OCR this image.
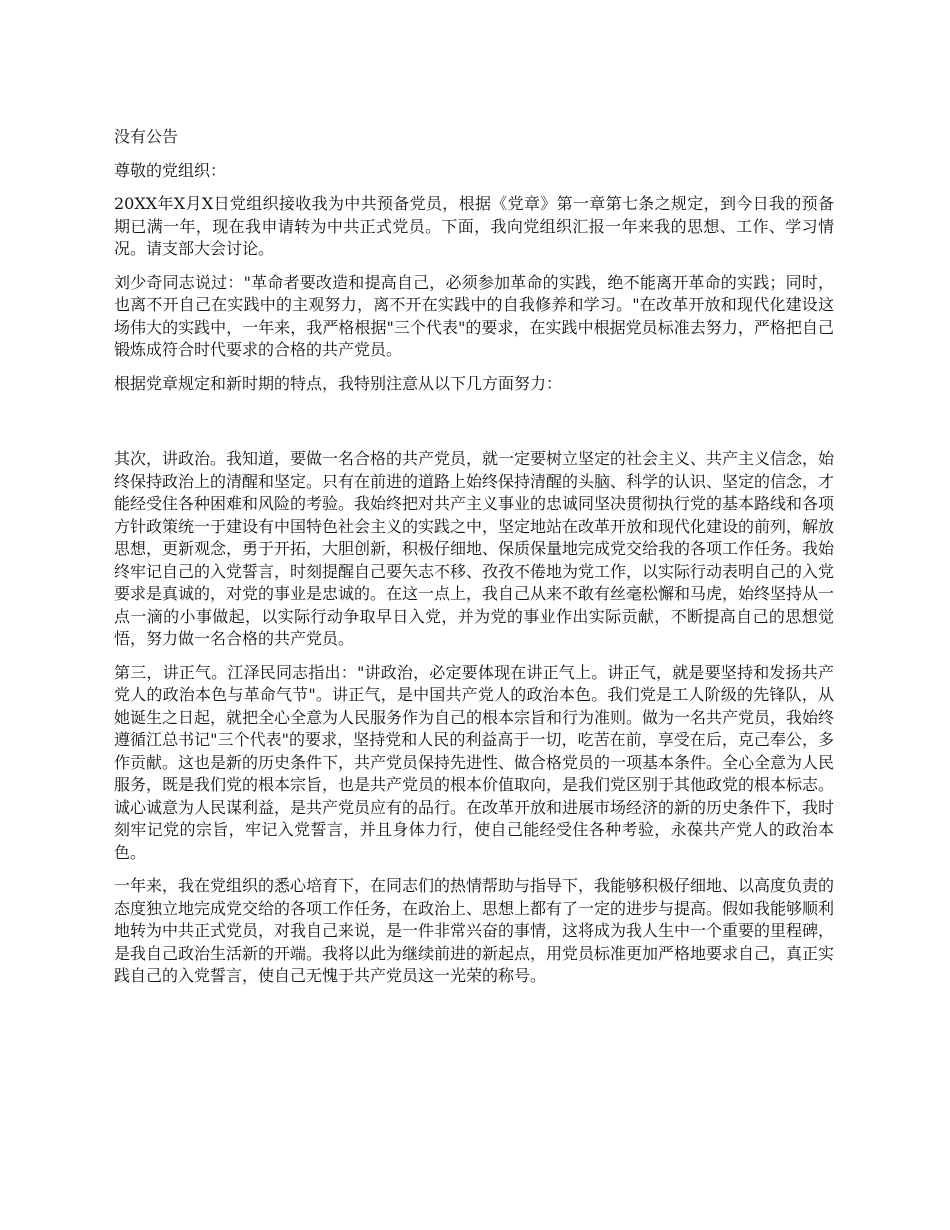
没有公告

尊敬的党组织：

20XX年X月X日党组织接收我为中共预备党员，根据《党章》第一章第七条之规定，到今日我的预备期已满一年，现在我申请转为中共正式党员。下面，我向党组织汇报一年来我的思想、工作、学习情况。请支部大会讨论。

刘少奇同志说过："革命者要改造和提高自己，必须参加革命的实践，绝不能离开革命的实践；同时，也离不开自己在实践中的主观努力，离不开在实践中的自我修养和学习。"在改革开放和现代化建设这场伟大的实践中，一年来，我严格根据"三个代表"的要求，在实践中根据党员标准去努力，严格把自己锻炼成符合时代要求的合格的共产党员。

根据党章规定和新时期的特点，我特别注意从以下几方面努力：

其次，讲政治。我知道，要做一名合格的共产党员，就一定要树立坚定的社会主义、共产主义信念，始终保持政治上的清醒和坚定。只有在前进的道路上始终保持清醒的头脑、科学的认识、坚定的信念，才能经受住各种困难和风险的考验。我始终把对共产主义事业的忠诚同坚决贯彻执行党的基本路线和各项方针政策统一于建设有中国特色社会主义的实践之中，坚定地站在改革开放和现代化建设的前列，解放思想，更新观念，勇于开拓，大胆创新，积极仔细地、保质保量地完成党交给我的各项工作任务。我始终牢记自己的入党誓言，时刻提醒自己要矢志不移、孜孜不倦地为党工作，以实际行动表明自己的入党要求是真诚的，对党的事业是忠诚的。在这一点上，我自己从来不敢有丝毫松懈和马虎，始终坚持从一点一滴的小事做起，以实际行动争取早日入党，并为党的事业作出实际贡献，不断提高自己的思想觉悟，努力做一名合格的共产党员。

第三，讲正气。江泽民同志指出："讲政治，必定要体现在讲正气上。讲正气，就是要坚持和发扬共产党人的政治本色与革命气节"。讲正气，是中国共产党人的政治本色。我们党是工人阶级的先锋队，从她诞生之日起，就把全心全意为人民服务作为自己的根本宗旨和行为准则。做为一名共产党员，我始终遵循江总书记"三个代表"的要求，坚持党和人民的利益高于一切，吃苦在前，享受在后，克己奉公，多作贡献。这也是新的历史条件下，共产党员保持先进性、做合格党员的一项基本条件。全心全意为人民服务，既是我们党的根本宗旨，也是共产党员的根本价值取向，是我们党区别于其他政党的根本标志。诚心诚意为人民谋利益，是共产党员应有的品行。在改革开放和进展市场经济的新的历史条件下，我时刻牢记党的宗旨，牢记入党誓言，并且身体力行，使自己能经受住各种考验，永葆共产党人的政治本色。

一年来，我在党组织的悉心培育下，在同志们的热情帮助与指导下，我能够积极仔细地、以高度负责的态度独立地完成党交给的各项工作任务，在政治上、思想上都有了一定的进步与提高。假如我能够顺利地转为中共正式党员，对我自己来说，是一件非常兴奋的事情，这将成为我人生中一个重要的里程碑，是我自己政治生活新的开端。我将以此为继续前进的新起点，用党员标准更加严格地要求自己，真正实践自己的入党誓言，使自己无愧于共产党员这一光荣的称号。
